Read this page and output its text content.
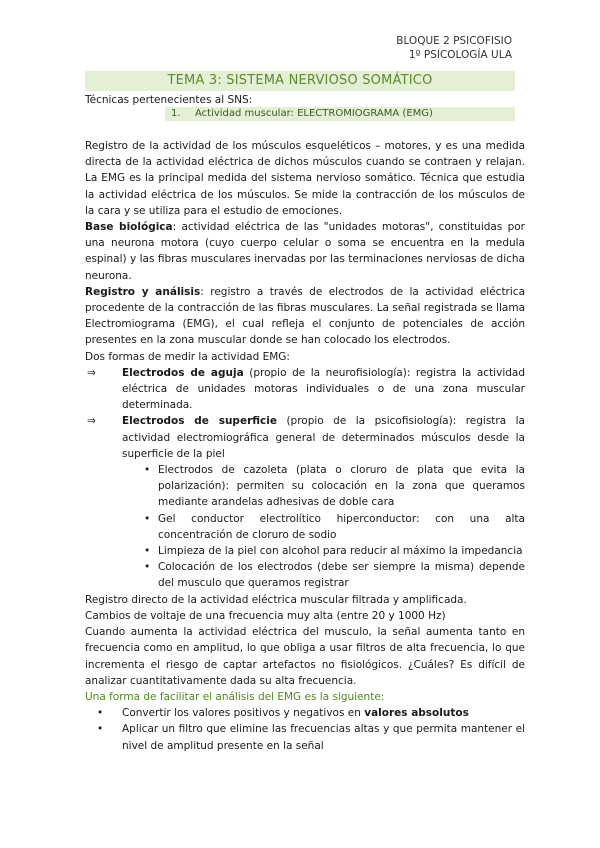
BLOQUE 2 PSICOFISIO
1º PSICOLOGÍA ULA
TEMA 3: SISTEMA NERVIOSO SOMÁTICO
Técnicas pertenecientes al SNS:
1. Actividad muscular: ELECTROMIOGRAMA (EMG)

Registro de la actividad de los músculos esqueléticos – motores, y es una medida directa de la actividad eléctrica de dichos músculos cuando se contraen y relajan. La EMG es la principal medida del sistema nervioso somático. Técnica que estudia la actividad eléctrica de los músculos. Se mide la contracción de los músculos de la cara y se utiliza para el estudio de emociones.

Base biológica: actividad eléctrica de las "unidades motoras", constituidas por una neurona motora (cuyo cuerpo celular o soma se encuentra en la medula espinal) y las fibras musculares inervadas por las terminaciones nerviosas de dicha neurona.

Registro y análisis: registro a través de electrodos de la actividad eléctrica procedente de la contracción de las fibras musculares. La señal registrada se llama Electromiograma (EMG), el cual refleja el conjunto de potenciales de acción presentes en la zona muscular donde se han colocado los electrodos.

Dos formas de medir la actividad EMG:

⇒ Electrodos de aguja (propio de la neurofisiología): registra la actividad eléctrica de unidades motoras individuales o de una zona muscular determinada.
⇒ Electrodos de superficie (propio de la psicofisiología): registra la actividad electromiográfica general de determinados músculos desde la superficie de la piel
• Electrodos de cazoleta (plata o cloruro de plata que evita la polarización): permiten su colocación en la zona que queramos mediante arandelas adhesivas de doble cara
• Gel conductor electrolítico hiperconductor: con una alta concentración de cloruro de sodio
• Limpieza de la piel con alcohol para reducir al máximo la impedancia
• Colocación de los electrodos (debe ser siempre la misma) depende del musculo que queramos registrar

Registro directo de la actividad eléctrica muscular filtrada y amplificada.

Cambios de voltaje de una frecuencia muy alta (entre 20 y 1000 Hz)

Cuando aumenta la actividad eléctrica del musculo, la señal aumenta tanto en frecuencia como en amplitud, lo que obliga a usar filtros de alta frecuencia, lo que incrementa el riesgo de captar artefactos no fisiológicos. ¿Cuáles? Es difícil de analizar cuantitativamente dada su alta frecuencia.

Una forma de facilitar el análisis del EMG es la siguiente:

• Convertir los valores positivos y negativos en valores absolutos
• Aplicar un filtro que elimine las frecuencias altas y que permita mantener el nivel de amplitud presente en la señal
